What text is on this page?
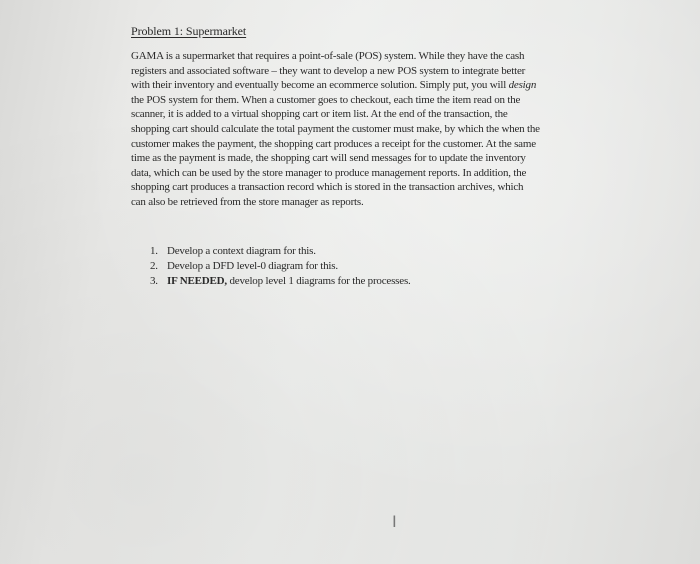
Problem 1: Supermarket
GAMA is a supermarket that requires a point-of-sale (POS) system. While they have the cash
registers and associated software – they want to develop a new POS system to integrate better
with their inventory and eventually become an ecommerce solution. Simply put, you will design
the POS system for them. When a customer goes to checkout, each time the item read on the
scanner, it is added to a virtual shopping cart or item list. At the end of the transaction, the
shopping cart should calculate the total payment the customer must make, by which the when the
customer makes the payment, the shopping cart produces a receipt for the customer. At the same
time as the payment is made, the shopping cart will send messages for to update the inventory
data, which can be used by the store manager to produce management reports. In addition, the
shopping cart produces a transaction record which is stored in the transaction archives, which
can also be retrieved from the store manager as reports.
1. Develop a context diagram for this.
2. Develop a DFD level-0 diagram for this.
3. IF NEEDED, develop level 1 diagrams for the processes.
I
